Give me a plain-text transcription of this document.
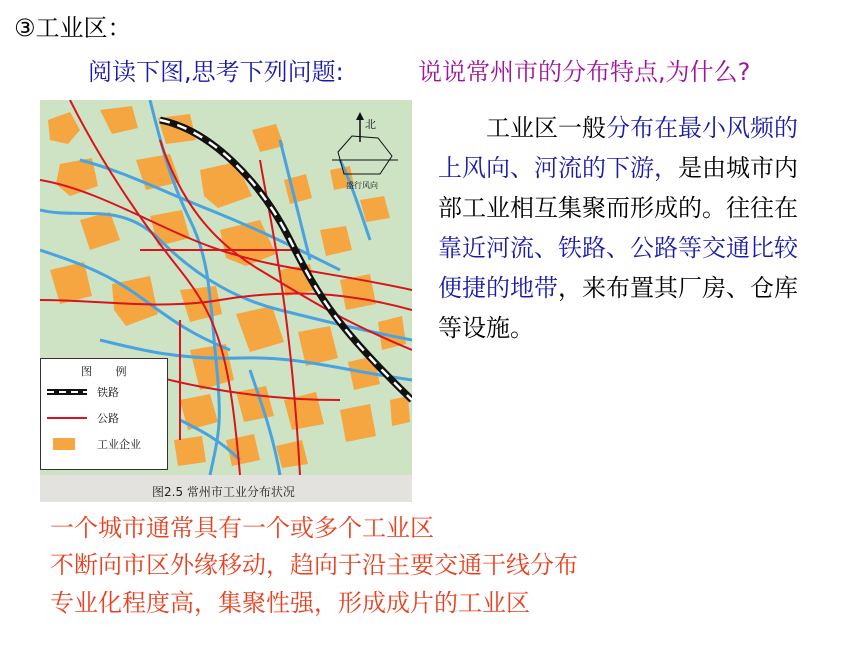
③工业区：
阅读下图,思考下列问题:	说说常州市的分布特点,为什么?
北
盛行风向
图 例
铁路
公路
工业企业
图2.5 常州市工业分布状况

  工业区一般分布在最小风频的上风向、河流的下游，是由城市内部工业相互集聚而形成的。往往在靠近河流、铁路、公路等交通比较便捷的地带，来布置其厂房、仓库等设施。

一个城市通常具有一个或多个工业区
不断向市区外缘移动，趋向于沿主要交通干线分布
专业化程度高，集聚性强，形成成片的工业区
